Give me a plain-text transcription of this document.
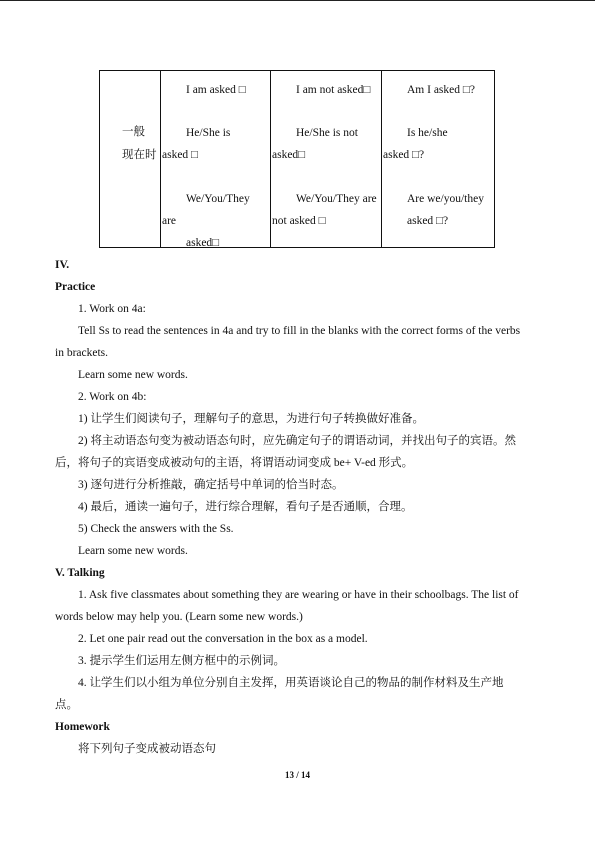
一般
现在时
I am asked □
He/She is
asked □
We/You/They
are
asked□
I am not asked□
He/She is not
asked□
We/You/They are
not asked □
Am I asked □?
Is he/she
asked □?
Are we/you/they
asked □?
IV.
Practice
1. Work on 4a:
Tell Ss to read the sentences in 4a and try to fill in the blanks with the correct forms of the verbs
in brackets.
Learn some new words.
2. Work on 4b:
1) 让学生们阅读句子，理解句子的意思，为进行句子转换做好准备。
2) 将主动语态句变为被动语态句时，应先确定句子的谓语动词，并找出句子的宾语。然
后，将句子的宾语变成被动句的主语，将谓语动词变成 be+ V-ed 形式。
3) 逐句进行分析推敲，确定括号中单词的恰当时态。
4) 最后，通读一遍句子，进行综合理解，看句子是否通顺，合理。
5) Check the answers with the Ss.
Learn some new words.
V. Talking
1. Ask five classmates about something they are wearing or have in their schoolbags. The list of
words below may help you. (Learn some new words.)
2. Let one pair read out the conversation in the box as a model.
3. 提示学生们运用左侧方框中的示例词。
4. 让学生们以小组为单位分别自主发挥，用英语谈论自己的物品的制作材料及生产地
点。
Homework
将下列句子变成被动语态句
13 / 14
